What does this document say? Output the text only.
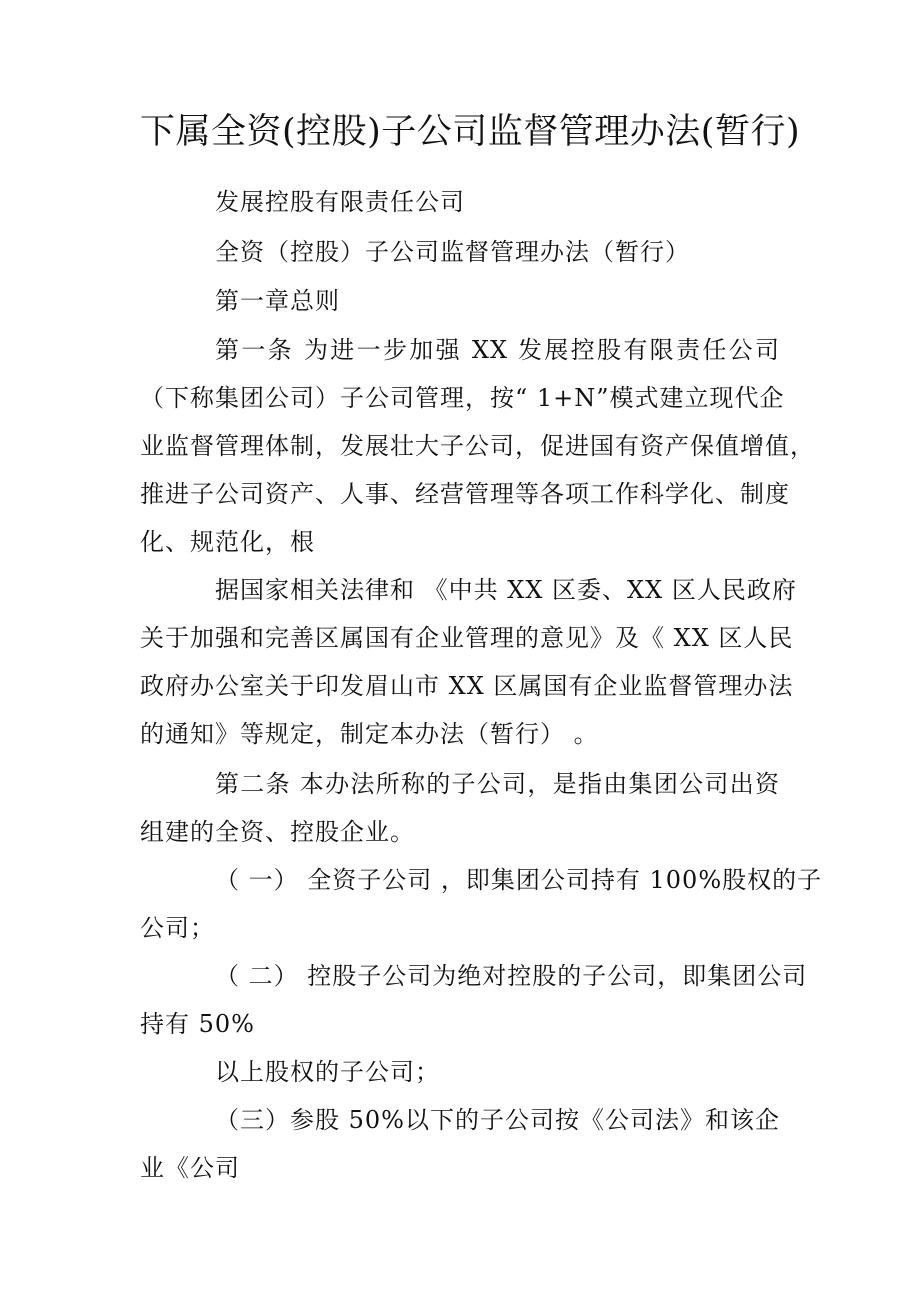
下属全资(控股)子公司监督管理办法(暂行)
发展控股有限责任公司
全资（控股）子公司监督管理办法（暂行）
第一章总则
第一条 为进一步加强 XX 发展控股有限责任公司
（下称集团公司）子公司管理，按“ 1+N”模式建立现代企
业监督管理体制，发展壮大子公司，促进国有资产保值增值，
推进子公司资产、人事、经营管理等各项工作科学化、制度
化、规范化，根
据国家相关法律和 《中共 XX 区委、XX 区人民政府
关于加强和完善区属国有企业管理的意见》及《 XX 区人民
政府办公室关于印发眉山市 XX 区属国有企业监督管理办法
的通知》等规定，制定本办法（暂行） 。
第二条 本办法所称的子公司，是指由集团公司出资
组建的全资、控股企业。
（ 一） 全资子公司 ，即集团公司持有 100%股权的子
公司；
（ 二） 控股子公司为绝对控股的子公司，即集团公司
持有 50%
以上股权的子公司；
（三）参股 50%以下的子公司按《公司法》和该企
业《公司
